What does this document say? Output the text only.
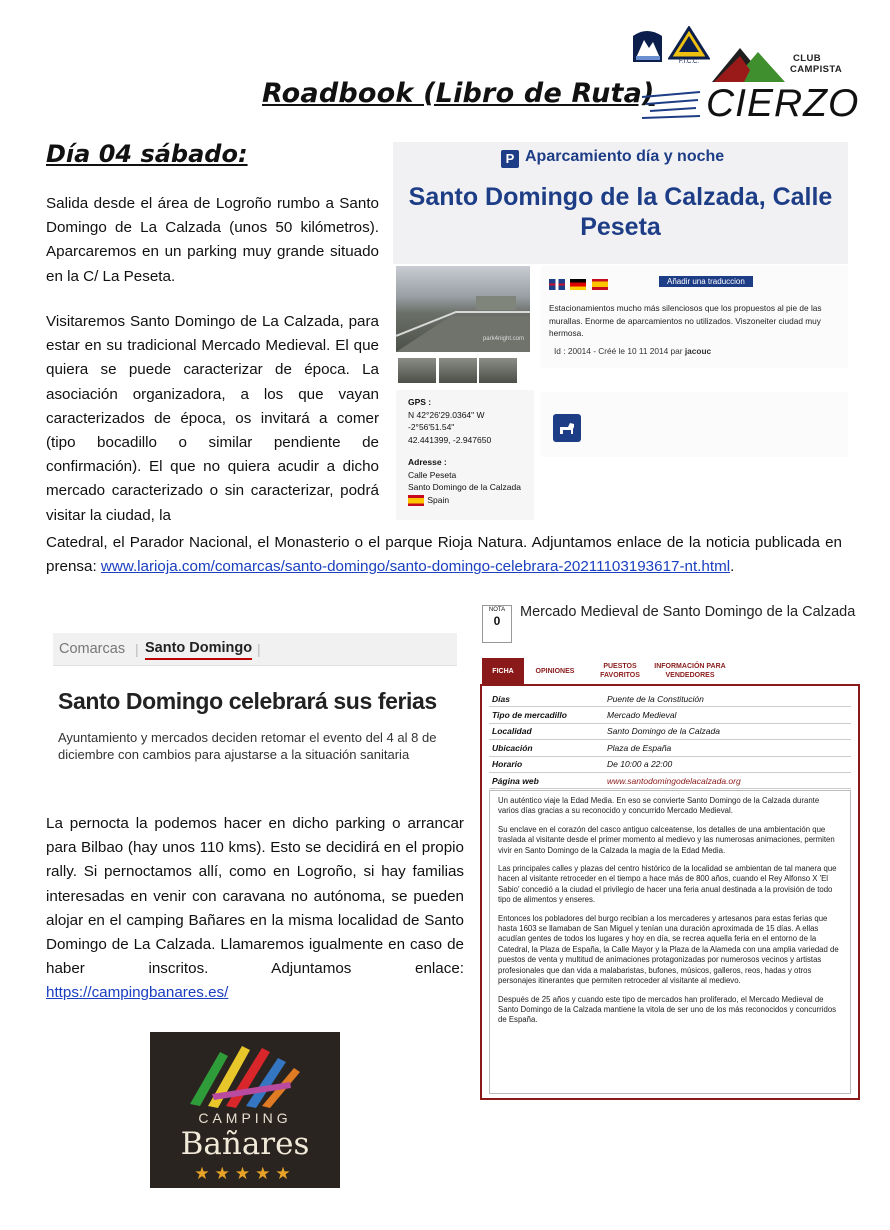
Roadbook (Libro de Ruta)
F.I.C.C.	CLUB
CAMPISTA
CIERZO
Día 04 sábado:
Salida desde el área de Logroño rumbo a Santo Domingo de La Calzada (unos 50 kilómetros). Aparcaremos en un parking muy grande situado en la C/ La Peseta.
Visitaremos Santo Domingo de La Calzada, para estar en su tradicional Mercado Medieval. El que quiera se puede caracterizar de época. La asociación organizadora, a los que vayan caracterizados de época, os invitará a comer (tipo bocadillo o similar pendiente de confirmación). El que no quiera acudir a dicho mercado caracterizado o sin caracterizar, podrá visitar la ciudad, la
Catedral, el Parador Nacional, el Monasterio o el parque Rioja Natura. Adjuntamos enlace de la noticia publicada en prensa: www.larioja.com/comarcas/santo-domingo/santo-domingo-celebrara-20211103193617-nt.html.
La pernocta la podemos hacer en dicho parking o arrancar para Bilbao (hay unos 110 kms). Esto se decidirá en el propio rally. Si pernoctamos allí, como en Logroño, si hay familias interesadas en venir con caravana no autónoma, se pueden alojar en el camping Bañares en la misma localidad de Santo Domingo de La Calzada. Llamaremos igualmente en caso de haber inscritos. Adjuntamos enlace: https://campingbanares.es/
P Aparcamiento día y noche
Santo Domingo de la Calzada, Calle Peseta
park4night.com
GPS :
N 42°26'29.0364" W
-2°56'51.54"
42.441399, -2.947650
Adresse :
Calle Peseta
Santo Domingo de la Calzada
Spain

Añadir una traduccion
Estacionamientos mucho más silenciosos que los propuestos al pie de las murallas. Enorme de aparcamientos no utilizados. Viszoneiter ciudad muy hermosa.
Id : 20014 - Créé le 10 11 2014 par jacouc
Comarcas | Santo Domingo |
Santo Domingo celebrará sus ferias
Ayuntamiento y mercados deciden retomar el evento del 4 al 8 de diciembre con cambios para ajustarse a la situación sanitaria
NOTA
0
Mercado Medieval de Santo Domingo de la Calzada
FICHA	OPINIONES
PUESTOS FAVORITOS
INFORMACIÓN PARA VENDEDORES
Días	Puente de la Constitución
Tipo de mercadillo	Mercado Medieval
Localidad	Santo Domingo de la Calzada
Ubicación	Plaza de España
Horario	De 10:00 a 22:00
Página web	www.santodomingodelacalzada.org

Un auténtico viaje la Edad Media. En eso se convierte Santo Domingo de la Calzada durante varios días gracias a su reconocido y concurrido Mercado Medieval.

Su enclave en el corazón del casco antiguo calceatense, los detalles de una ambientación que traslada al visitante desde el primer momento al medievo y las numerosas animaciones, permiten vivir en Santo Domingo de la Calzada la magia de la Edad Media.

Las principales calles y plazas del centro histórico de la localidad se ambientan de tal manera que hacen al visitante retroceder en el tiempo a hace más de 800 años, cuando el Rey Alfonso X 'El Sabio' concedió a la ciudad el privilegio de hacer una feria anual destinada a la provisión de todo tipo de alimentos y enseres.

Entonces los pobladores del burgo recibían a los mercaderes y artesanos para estas ferias que hasta 1603 se llamaban de San Miguel y tenían una duración aproximada de 15 días. A ellas acudían gentes de todos los lugares y hoy en día, se recrea aquella feria en el entorno de la Catedral, la Plaza de España, la Calle Mayor y la Plaza de la Alameda con una amplia variedad de puestos de venta y multitud de animaciones protagonizadas por numerosos vecinos y artistas profesionales que dan vida a malabaristas, bufones, músicos, galleros, reos, hadas y otros personajes itinerantes que permiten retroceder al visitante al medievo.

Después de 25 años y cuando este tipo de mercados han proliferado, el Mercado Medieval de Santo Domingo de la Calzada mantiene la vitola de ser uno de los más reconocidos y concurridos de España.

CAMPING
Bañares
★★★★★
